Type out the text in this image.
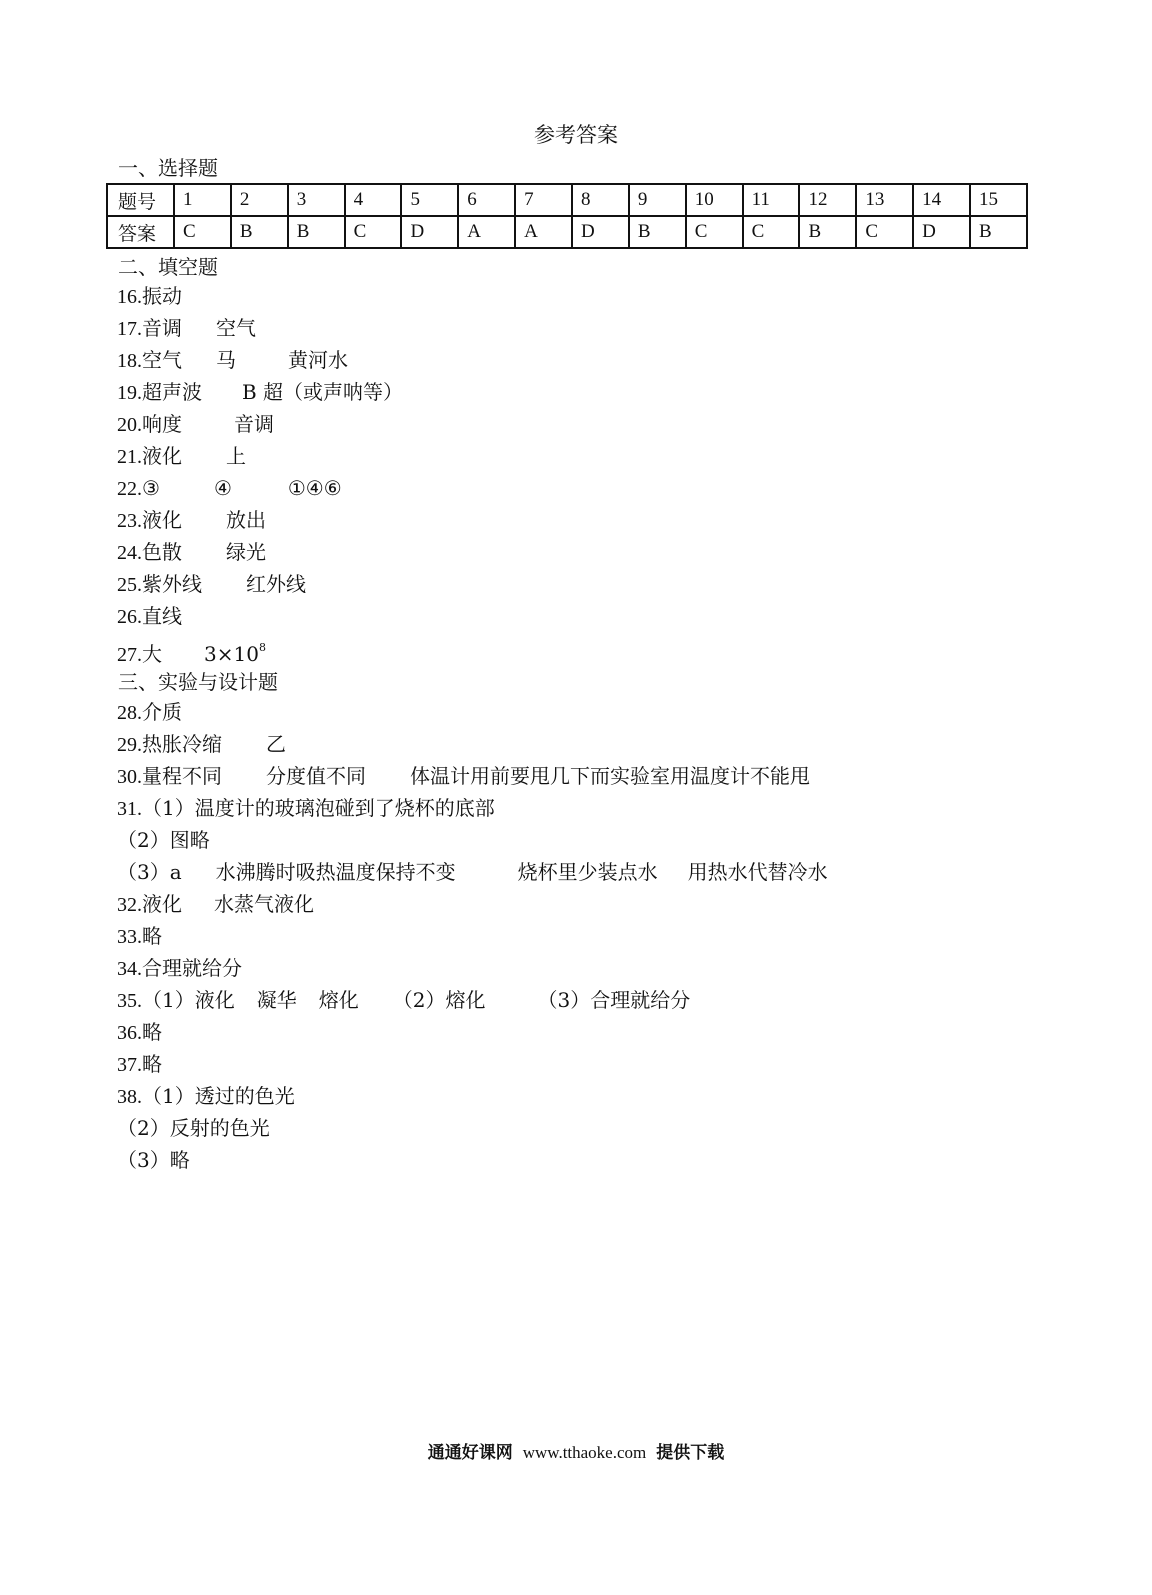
参考答案
一、选择题
题号	1	2	3	4	5	6	7	8	9	10	11	12	13	14	15
答案	C	B	B	C	D	A	A	D	B	C	C	B	C	D	B
二、填空题
16.振动
17.音调 空气
18.空气 马	黄河水
19.超声波 B 超（或声呐等）
20.响度	音调
21.液化 上
22.③	④	①④⑥
23.液化 放出
24.色散 绿光
25.紫外线 红外线
26.直线
27.大 $3\times 10^8$
三、实验与设计题
28.介质
29.热胀冷缩 乙
30.量程不同 分度值不同 体温计用前要甩几下而实验室用温度计不能甩
31.（1）温度计的玻璃泡碰到了烧杯的底部
（2）图略
（3）a 水沸腾时吸热温度保持不变	烧杯里少装点水 用热水代替冷水
32.液化 水蒸气液化
33.略
34.合理就给分
35.（1）液化 凝华 熔化 （2）熔化	（3）合理就给分
36.略
37.略
38.（1）透过的色光
（2）反射的色光
（3）略
通通好课网 www.tthaoke.com 提供下载
